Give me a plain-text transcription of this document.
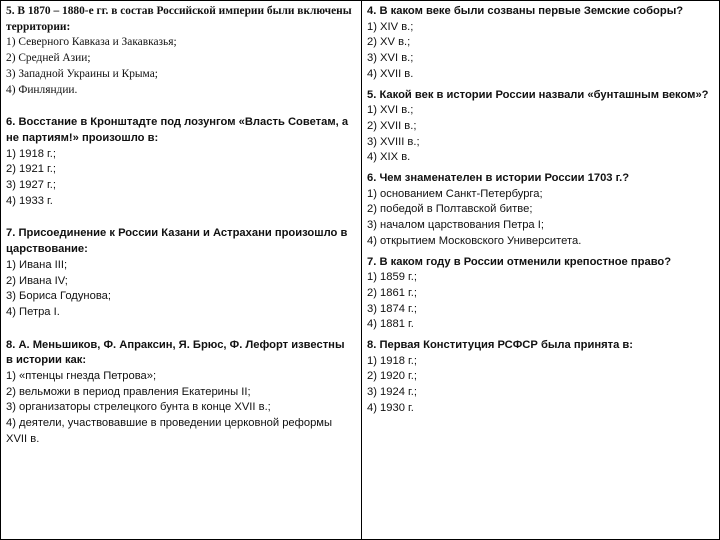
5. В 1870 – 1880-е гг. в состав Российской империи были включены территории:

1) Северного Кавказа и Закавказья;

2) Средней Азии;

3) Западной Украины и Крыма;

4) Финляндии.

6. Восстание в Кронштадте под лозунгом «Власть Советам, а не партиям!» произошло в:

1) 1918 г.;

2) 1921 г.;

3) 1927 г.;

4) 1933 г.

7. Присоединение к России Казани и Астрахани произошло в царствование:

1) Ивана III;

2) Ивана IV;

3) Бориса Годунова;

4) Петра I.

8. А. Меньшиков, Ф. Апраксин, Я. Брюс, Ф. Лефорт известны в истории как:

1) «птенцы гнезда Петрова»;

2) вельможи в период правления Екатерины II;

3) организаторы стрелецкого бунта в конце XVII в.;

4) деятели, участвовавшие в проведении церковной реформы XVII в.

4. В каком веке были созваны первые Земские соборы?

1) XIV в.;

2) XV в.;

3) XVI в.;

4) XVII в.

5. Какой век в истории России назвали «бунташным веком»?

1) XVI в.;

2) XVII в.;

3) XVIII в.;

4) XIX в.

6. Чем знаменателен в истории России 1703 г.?

1) основанием Санкт-Петербурга;

2) победой в Полтавской битве;

3) началом царствования Петра I;

4) открытием Московского Университета.

7. В каком году в России отменили крепостное право?

1) 1859 г.;

2) 1861 г.;

3) 1874 г.;

4) 1881 г.

8. Первая Конституция РСФСР была принята в:

1) 1918 г.;

2) 1920 г.;

3) 1924 г.;

4) 1930 г.
